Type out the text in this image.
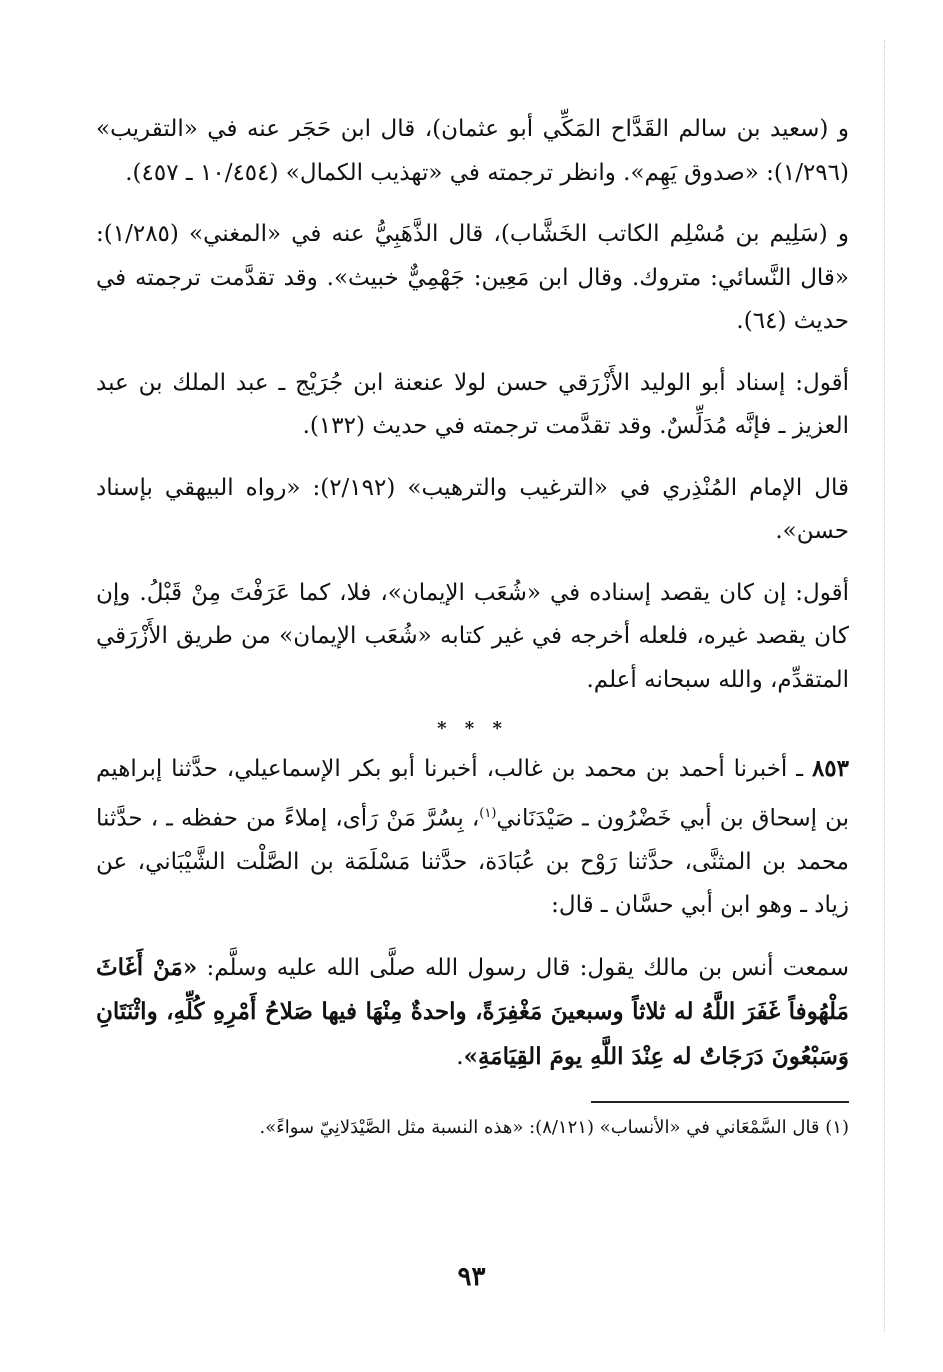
و (سعيد بن سالم القَدَّاح المَكِّي أبو عثمان)، قال ابن حَجَر عنه في «التقريب» (١/٢٩٦): «صدوق يَهِم». وانظر ترجمته في «تهذيب الكمال» (١٠/٤٥٤ ـ ٤٥٧).

و (سَلِيم بن مُسْلِم الكاتب الخَشَّاب)، قال الذَّهَبِيُّ عنه في «المغني» (١/٢٨٥): «قال النَّسائي: متروك. وقال ابن مَعِين: جَهْمِيٌّ خبيث». وقد تقدَّمت ترجمته في حديث (٦٤).

أقول: إسناد أبو الوليد الأَزْرَقي حسن لولا عنعنة ابن جُرَيْج ـ عبد الملك بن عبد العزيز ـ فإنَّه مُدَلِّسٌ. وقد تقدَّمت ترجمته في حديث (١٣٢).

قال الإمام المُنْذِري في «الترغيب والترهيب» (٢/١٩٢): «رواه البيهقي بإسناد حسن».

أقول: إن كان يقصد إسناده في «شُعَب الإيمان»، فلا، كما عَرَفْتَ مِنْ قَبْلُ. وإن كان يقصد غيره، فلعله أخرجه في غير كتابه «شُعَب الإيمان» من طريق الأَزْرَقي المتقدِّم، والله سبحانه أعلم.

* * *

٨٥٣ ـ أخبرنا أحمد بن محمد بن غالب، أخبرنا أبو بكر الإسماعيلي، حدَّثنا إبراهيم بن إسحاق بن أبي خَضْرُون ـ صَيْدَنَاني$^{(١)}$، بِسُرَّ مَنْ رَأى، إملاءً من حفظه ـ ، حدَّثنا محمد بن المثنَّى، حدَّثنا رَوْح بن عُبَادَة، حدَّثنا مَسْلَمَة بن الصَّلْت الشَّيْبَاني، عن زياد ـ وهو ابن أبي حسَّان ـ قال:

سمعت أنس بن مالك يقول: قال رسول الله صلَّى الله عليه وسلَّم: «مَنْ أَغَاثَ مَلْهُوفاً غَفَرَ اللَّهُ له ثلاثاً وسبعينَ مَغْفِرَةً، واحدةٌ مِنْهَا فيها صَلاحُ أَمْرِهِ كُلِّهِ، واثْنَتَانِ وَسَبْعُونَ دَرَجَاتٌ له عِنْدَ اللَّهِ يومَ القِيَامَةِ».

(١) قال السَّمْعَاني في «الأنساب» (٨/١٢١): «هذه النسبة مثل الصَّيْدَلانِيّ سواءً».

٩٣
